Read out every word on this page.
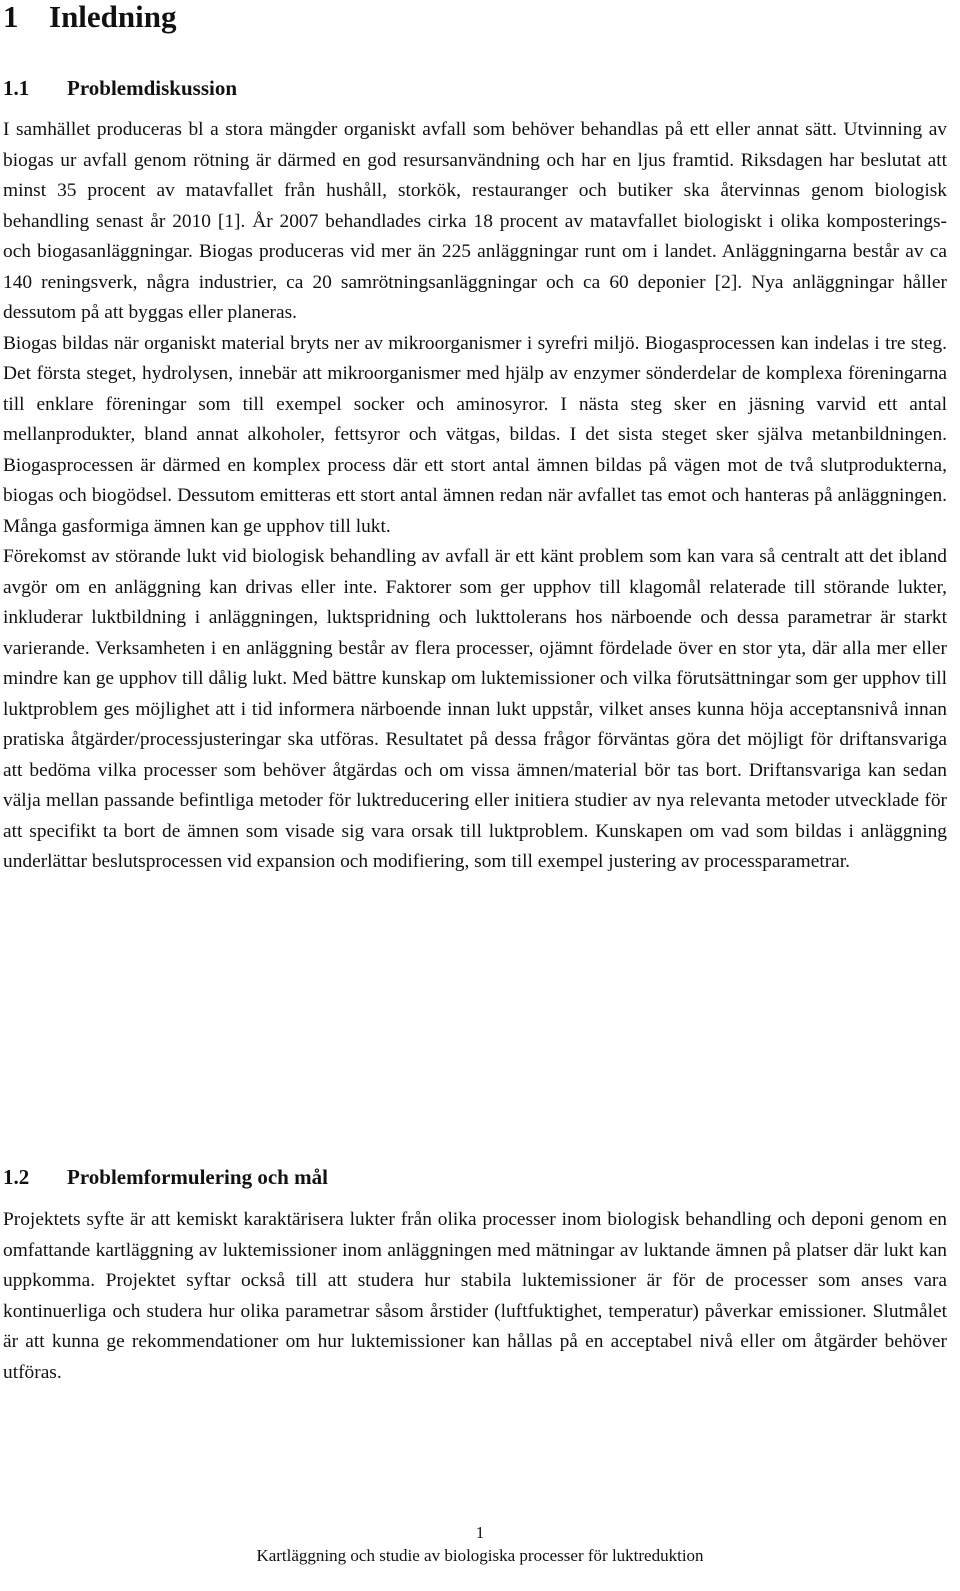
1 Inledning
1.1 Problemdiskussion

I samhället produceras bl a stora mängder organiskt avfall som behöver behandlas på ett eller annat sätt. Utvinning av biogas ur avfall genom rötning är därmed en god resursanvändning och har en ljus framtid. Riksdagen har beslutat att minst 35 procent av matavfallet från hushåll, storkök, restauranger och butiker ska återvinnas genom biologisk behandling senast år 2010 [1]. År 2007 behandlades cirka 18 procent av matavfallet biologiskt i olika komposterings- och biogasanläggningar. Biogas produceras vid mer än 225 anläggningar runt om i landet. Anläggningarna består av ca 140 reningsverk, några industrier, ca 20 samrötningsanläggningar och ca 60 deponier [2]. Nya anläggningar håller dessutom på att byggas eller planeras.

Biogas bildas när organiskt material bryts ner av mikroorganismer i syrefri miljö. Biogasprocessen kan indelas i tre steg. Det första steget, hydrolysen, innebär att mikroorganismer med hjälp av enzymer sönderdelar de komplexa föreningarna till enklare föreningar som till exempel socker och aminosyror. I nästa steg sker en jäsning varvid ett antal mellanprodukter, bland annat alkoholer, fettsyror och vätgas, bildas. I det sista steget sker själva metanbildningen. Biogasprocessen är därmed en komplex process där ett stort antal ämnen bildas på vägen mot de två slutprodukterna, biogas och biogödsel. Dessutom emitteras ett stort antal ämnen redan när avfallet tas emot och hanteras på anläggningen. Många gasformiga ämnen kan ge upphov till lukt.

Förekomst av störande lukt vid biologisk behandling av avfall är ett känt problem som kan vara så centralt att det ibland avgör om en anläggning kan drivas eller inte. Faktorer som ger upphov till klagomål relaterade till störande lukter, inkluderar luktbildning i anläggningen, luktspridning och lukttolerans hos närboende och dessa parametrar är starkt varierande. Verksamheten i en anläggning består av flera processer, ojämnt fördelade över en stor yta, där alla mer eller mindre kan ge upphov till dålig lukt. Med bättre kunskap om luktemissioner och vilka förutsättningar som ger upphov till luktproblem ges möjlighet att i tid informera närboende innan lukt uppstår, vilket anses kunna höja acceptansnivå innan pratiska åtgärder/processjusteringar ska utföras. Resultatet på dessa frågor förväntas göra det möjligt för driftansvariga att bedöma vilka processer som behöver åtgärdas och om vissa ämnen/material bör tas bort. Driftansvariga kan sedan välja mellan passande befintliga metoder för luktreducering eller initiera studier av nya relevanta metoder utvecklade för att specifikt ta bort de ämnen som visade sig vara orsak till luktproblem. Kunskapen om vad som bildas i anläggning underlättar beslutsprocessen vid expansion och modifiering, som till exempel justering av processparametrar.

1.2 Problemformulering och mål

Projektets syfte är att kemiskt karaktärisera lukter från olika processer inom biologisk behandling och deponi genom en omfattande kartläggning av luktemissioner inom anläggningen med mätningar av luktande ämnen på platser där lukt kan uppkomma. Projektet syftar också till att studera hur stabila luktemissioner är för de processer som anses vara kontinuerliga och studera hur olika parametrar såsom årstider (luftfuktighet, temperatur) påverkar emissioner. Slutmålet är att kunna ge rekommendationer om hur luktemissioner kan hållas på en acceptabel nivå eller om åtgärder behöver utföras.

1
Kartläggning och studie av biologiska processer för luktreduktion
